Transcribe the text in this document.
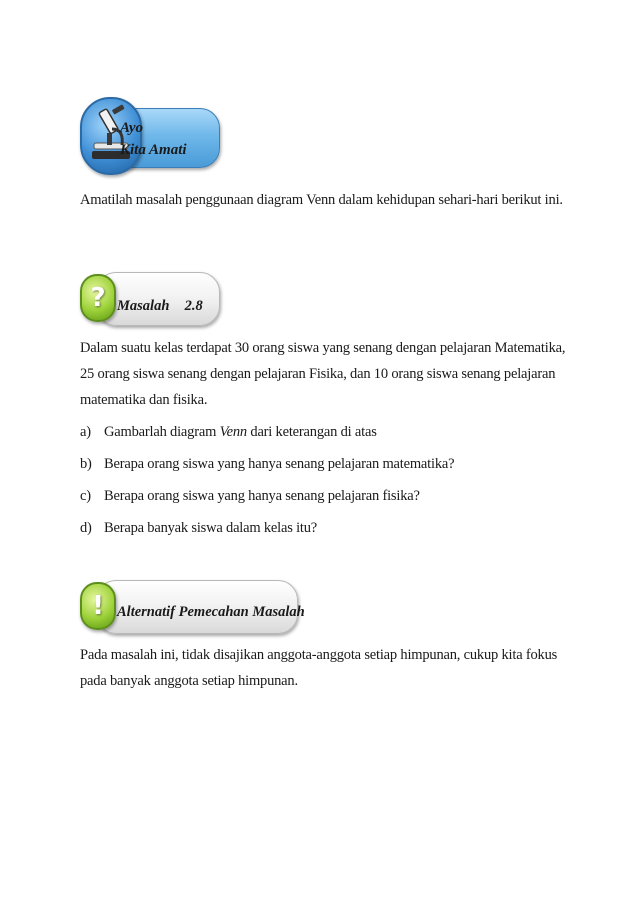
Ayo
Kita Amati
Amatilah masalah penggunaan diagram Venn dalam kehidupan sehari-hari berikut ini.
? Masalah 2.8
Dalam suatu kelas terdapat 30 orang siswa yang senang dengan pelajaran Matematika,
25 orang siswa senang dengan pelajaran Fisika, dan 10 orang siswa senang pelajaran
matematika dan fisika.
a) Gambarlah diagram Venn dari keterangan di atas
b) Berapa orang siswa yang hanya senang pelajaran matematika?
c) Berapa orang siswa yang hanya senang pelajaran fisika?
d) Berapa banyak siswa dalam kelas itu?
! Alternatif Pemecahan Masalah
Pada masalah ini, tidak disajikan anggota-anggota setiap himpunan, cukup kita fokus
pada banyak anggota setiap himpunan.
